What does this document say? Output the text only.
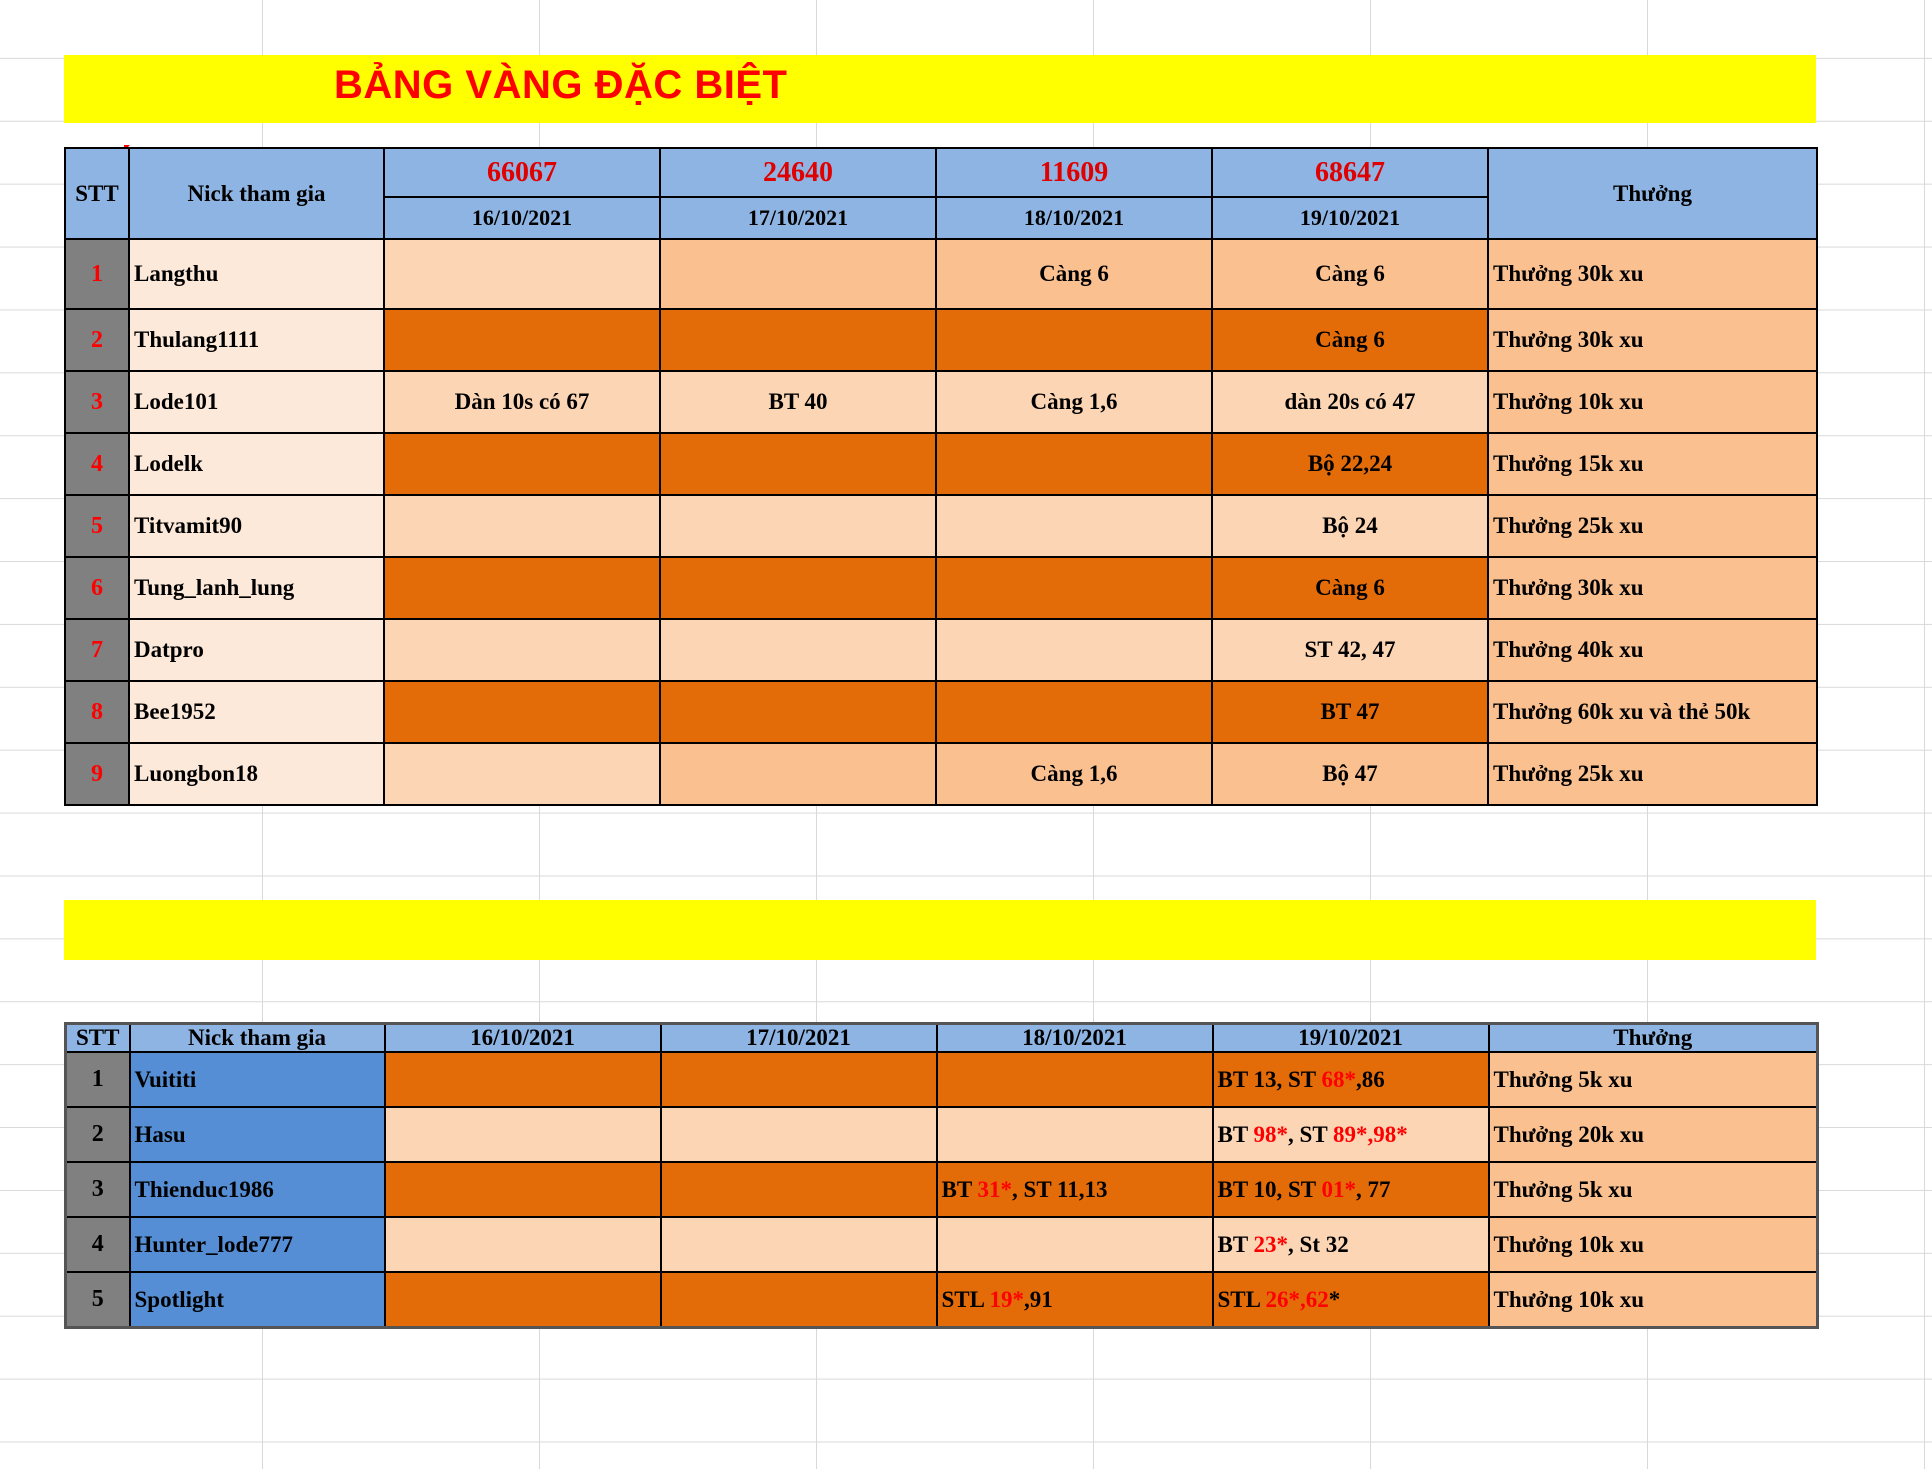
BẢNG VÀNG ĐẶC BIỆT
STT	Nick tham gia	66067	24640	11609	68647	Thưởng
		16/10/2021	17/10/2021	18/10/2021	19/10/2021	
1	Langthu			Càng 6	Càng 6	Thưởng 30k xu
2	Thulang1111				Càng 6	Thưởng 30k xu
3	Lode101	Dàn 10s có 67	BT 40	Càng 1,6	dàn 20s có 47	Thưởng 10k xu
4	Lodelk				Bộ 22,24	Thưởng 15k xu
5	Titvamit90				Bộ 24	Thưởng 25k xu
6	Tung_lanh_lung				Càng 6	Thưởng 30k xu
7	Datpro				ST 42, 47	Thưởng 40k xu
8	Bee1952				BT 47	Thưởng 60k xu và thẻ 50k
9	Luongbon18			Càng 1,6	Bộ 47	Thưởng 25k xu
STT	Nick tham gia	16/10/2021	17/10/2021	18/10/2021	19/10/2021	Thưởng
1	Vuititi				BT 13, ST 68*,86	Thưởng 5k xu
2	Hasu				BT 98*, ST 89*,98*	Thưởng 20k xu
3	Thienduc1986			BT 31*, ST 11,13	BT 10, ST 01*, 77	Thưởng 5k xu
4	Hunter_lode777				BT 23*, St 32	Thưởng 10k xu
5	Spotlight			STL 19*,91	STL 26*,62*	Thưởng 10k xu
